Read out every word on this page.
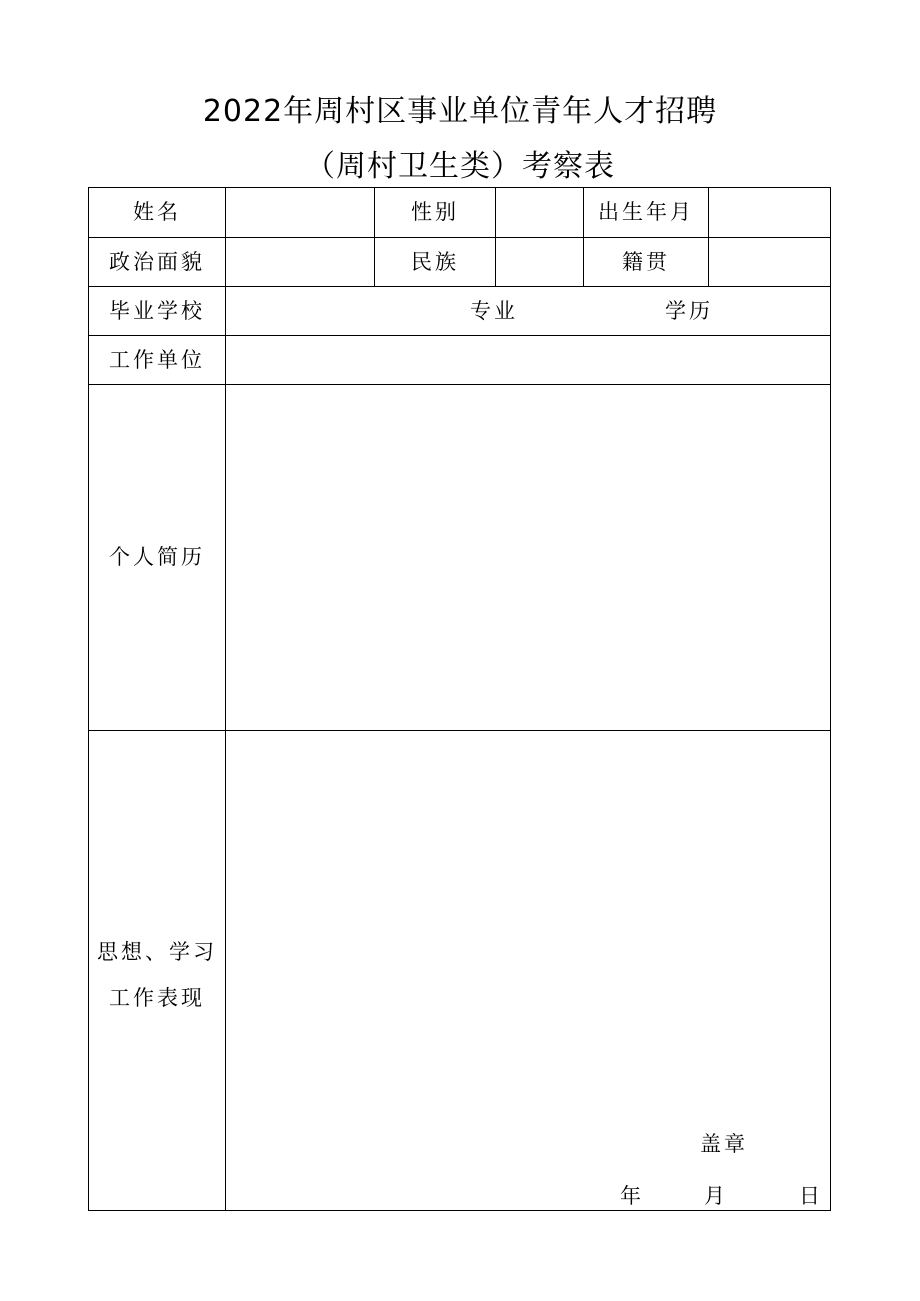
2022年周村区事业单位青年人才招聘
（周村卫生类）考察表
姓名	性别	出生年月
政治面貌	民族	籍贯
毕业学校	专业	学历
工作单位
个人简历
思想、学习
工作表现
盖章
年	月	日
